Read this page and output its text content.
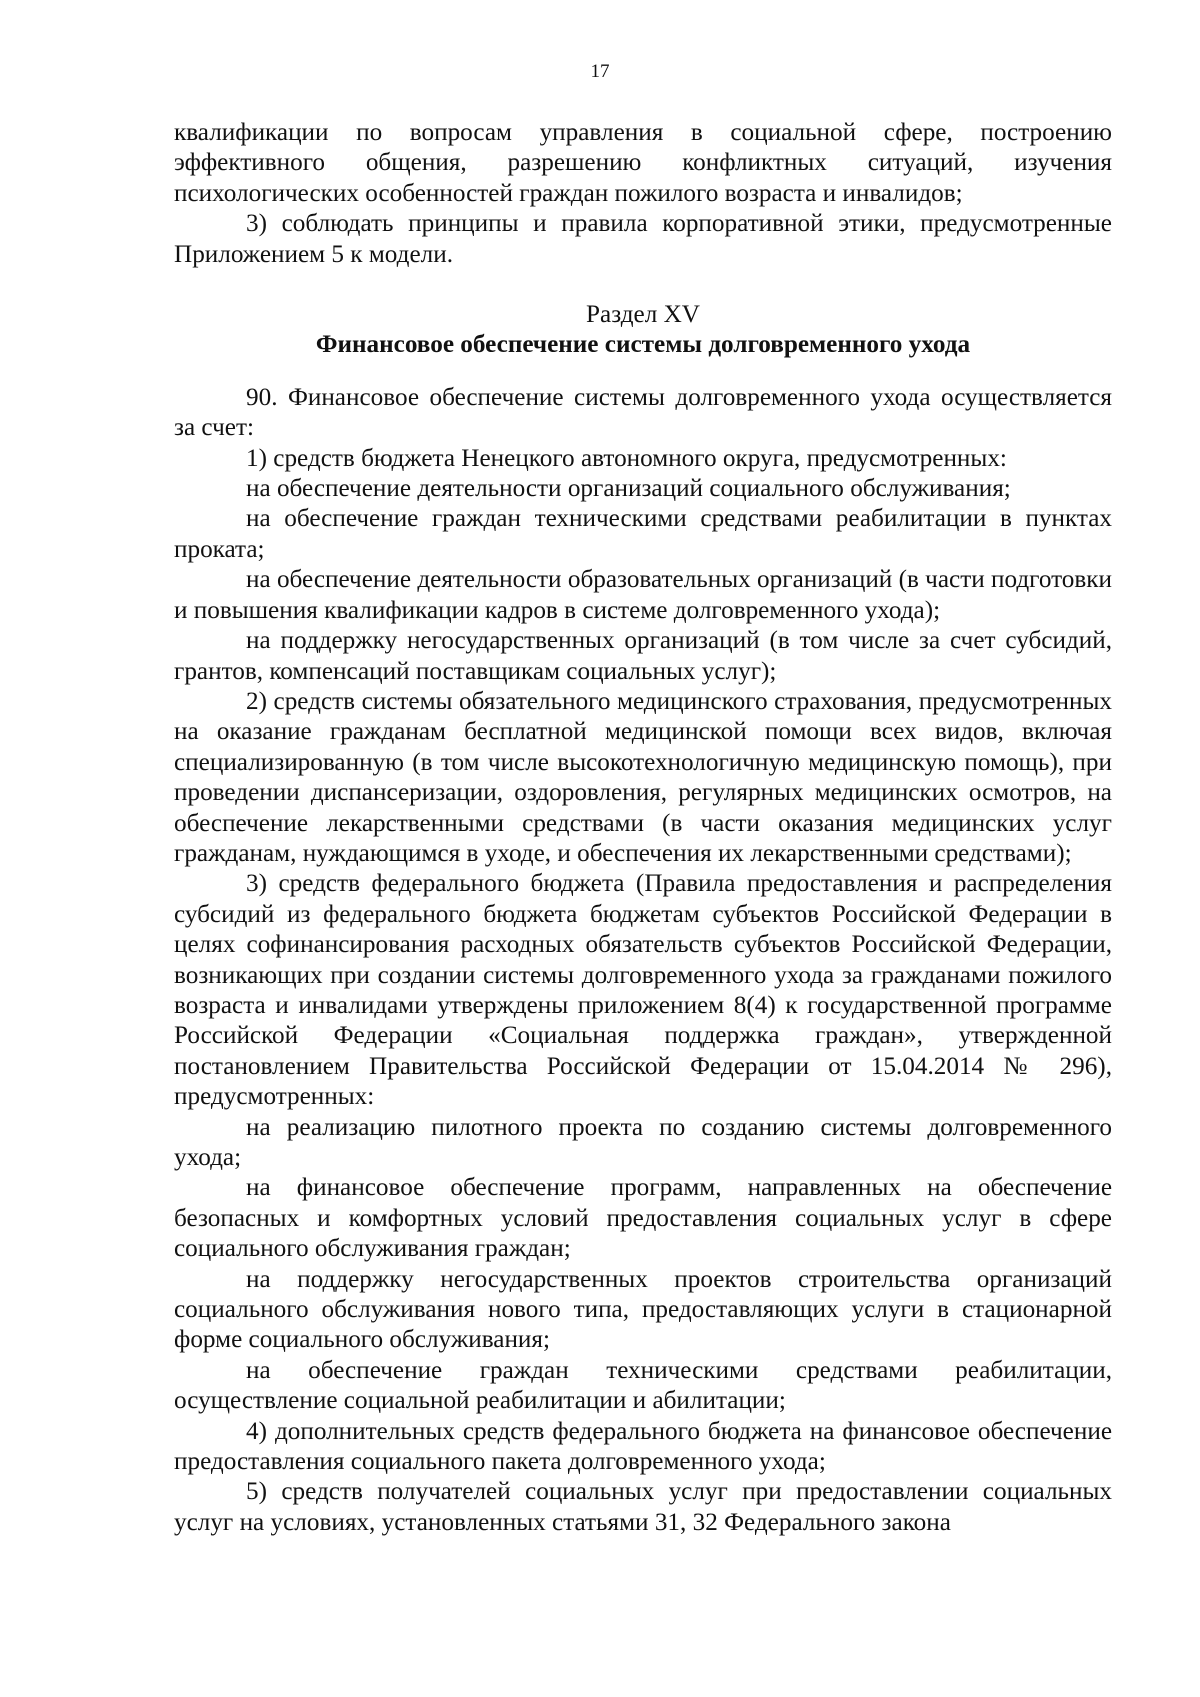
17

квалификации по вопросам управления в социальной сфере, построению эффективного общения, разрешению конфликтных ситуаций, изучения психологических особенностей граждан пожилого возраста и инвалидов;

3) соблюдать принципы и правила корпоративной этики, предусмотренные Приложением 5 к модели.

Раздел XV
Финансовое обеспечение системы долговременного ухода

90. Финансовое обеспечение системы долговременного ухода осуществляется за счет:

1) средств бюджета Ненецкого автономного округа, предусмотренных:

на обеспечение деятельности организаций социального обслуживания;

на обеспечение граждан техническими средствами реабилитации в пунктах проката;

на обеспечение деятельности образовательных организаций (в части подготовки и повышения квалификации кадров в системе долговременного ухода);

на поддержку негосударственных организаций (в том числе за счет субсидий, грантов, компенсаций поставщикам социальных услуг);

2) средств системы обязательного медицинского страхования, предусмотренных на оказание гражданам бесплатной медицинской помощи всех видов, включая специализированную (в том числе высокотехнологичную медицинскую помощь), при проведении диспансеризации, оздоровления, регулярных медицинских осмотров, на обеспечение лекарственными средствами (в части оказания медицинских услуг гражданам, нуждающимся в уходе, и обеспечения их лекарственными средствами);

3) средств федерального бюджета (Правила предоставления и распределения субсидий из федерального бюджета бюджетам субъектов Российской Федерации в целях софинансирования расходных обязательств субъектов Российской Федерации, возникающих при создании системы долговременного ухода за гражданами пожилого возраста и инвалидами утверждены приложением 8(4) к государственной программе Российской Федерации «Социальная поддержка граждан», утвержденной постановлением Правительства Российской Федерации от 15.04.2014 № 296), предусмотренных:

на реализацию пилотного проекта по созданию системы долговременного ухода;

на финансовое обеспечение программ, направленных на обеспечение безопасных и комфортных условий предоставления социальных услуг в сфере социального обслуживания граждан;

на поддержку негосударственных проектов строительства организаций социального обслуживания нового типа, предоставляющих услуги в стационарной форме социального обслуживания;

на обеспечение граждан техническими средствами реабилитации, осуществление социальной реабилитации и абилитации;

4) дополнительных средств федерального бюджета на финансовое обеспечение предоставления социального пакета долговременного ухода;

5) средств получателей социальных услуг при предоставлении социальных услуг на условиях, установленных статьями 31, 32 Федерального закона
